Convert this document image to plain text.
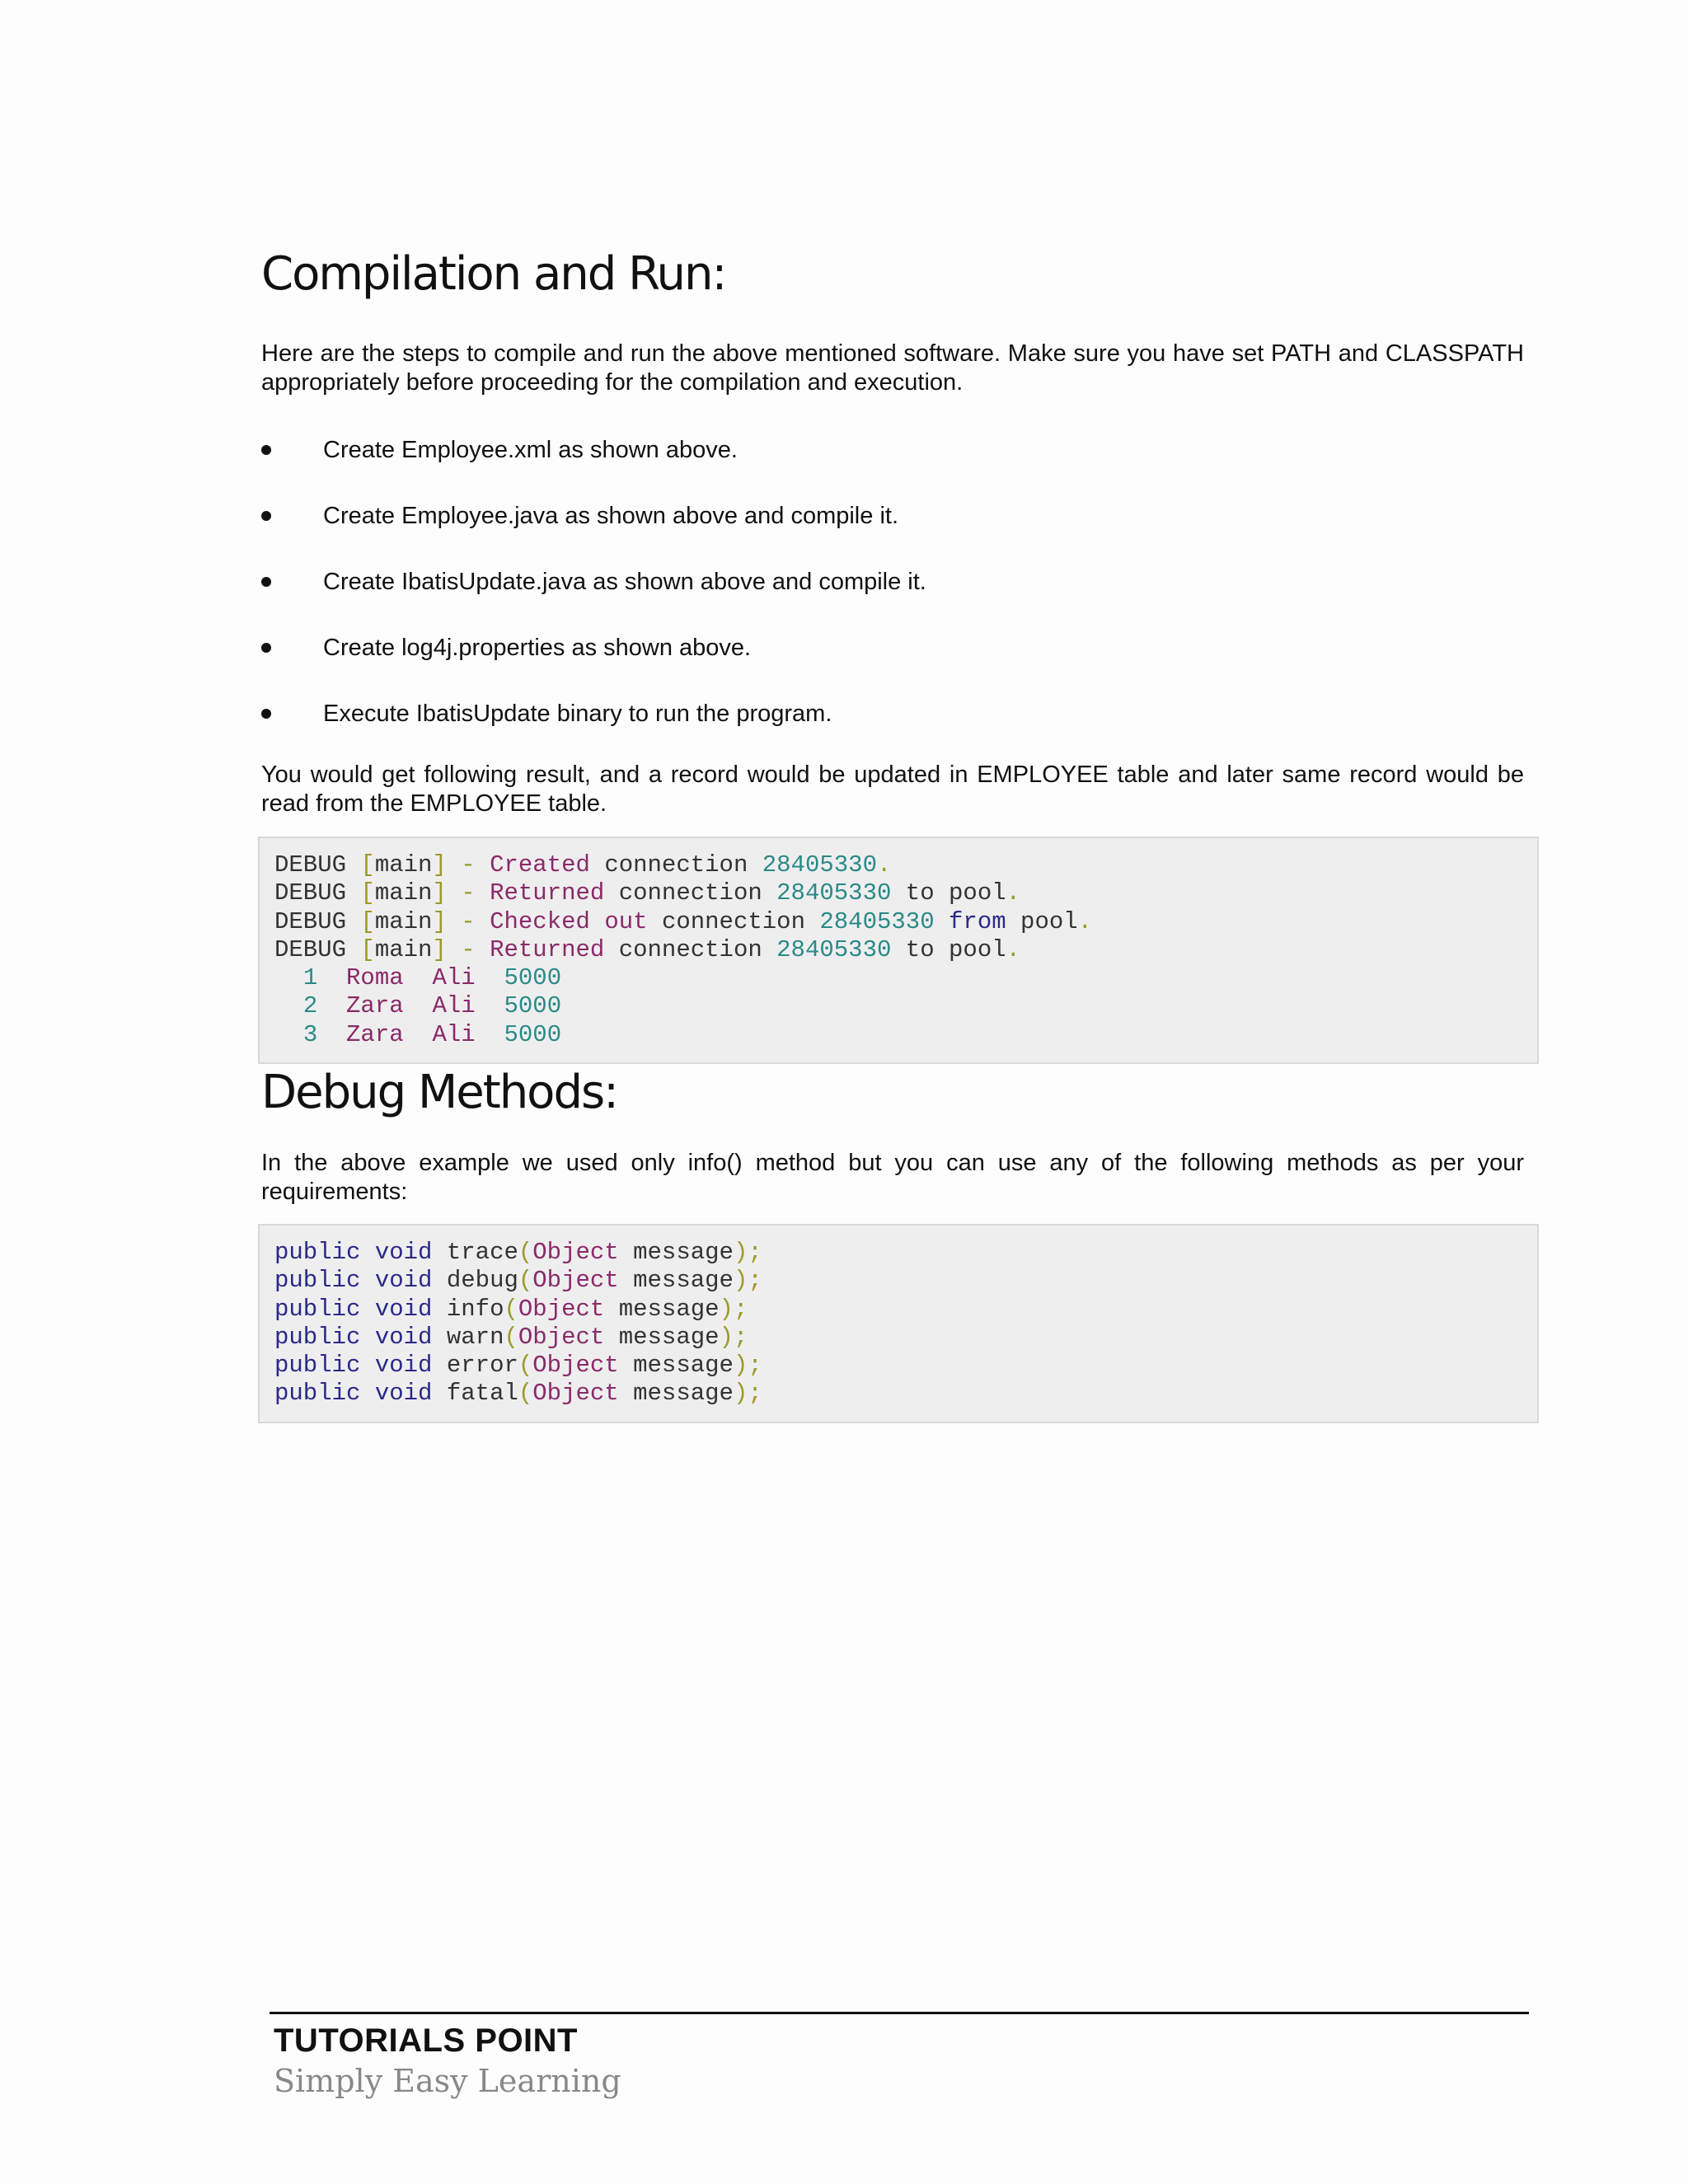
Compilation and Run:

Here are the steps to compile and run the above mentioned software. Make sure you have set PATH and CLASSPATH appropriately before proceeding for the compilation and execution.

Create Employee.xml as shown above.
Create Employee.java as shown above and compile it.
Create IbatisUpdate.java as shown above and compile it.
Create log4j.properties as shown above.
Execute IbatisUpdate binary to run the program.

You would get following result, and a record would be updated in EMPLOYEE table and later same record would be read from the EMPLOYEE table.

DEBUG [main] - Created connection 28405330.
DEBUG [main] - Returned connection 28405330 to pool.
DEBUG [main] - Checked out connection 28405330 from pool.
DEBUG [main] - Returned connection 28405330 to pool.
1 Roma Ali 5000
2 Zara Ali 5000
3 Zara Ali 5000
Debug Methods:

In the above example we used only info() method but you can use any of the following methods as per your requirements:

public void trace(Object message);
public void debug(Object message);
public void info(Object message);
public void warn(Object message);
public void error(Object message);
public void fatal(Object message);
TUTORIALS POINT
Simply Easy Learning
